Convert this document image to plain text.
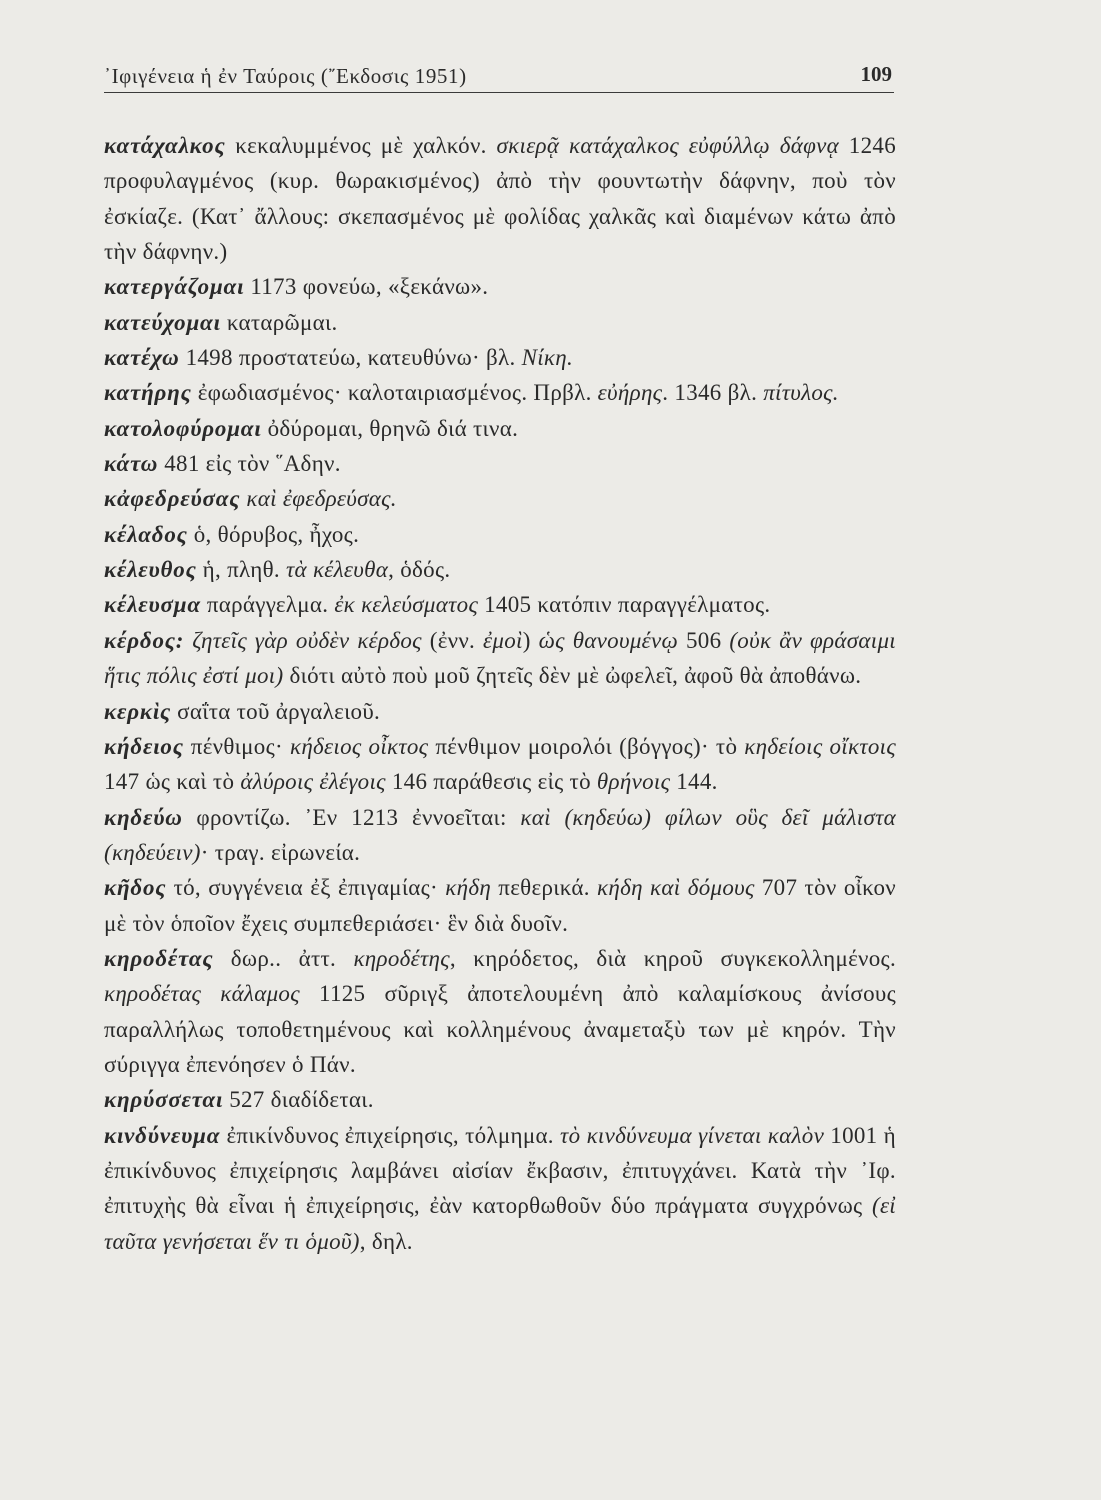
᾿Ιφιγένεια ἡ ἐν Ταύροις (῎Εκδοσις 1951)	109

κατάχαλκος κεκαλυμμένος μὲ χαλκόν. σκιερᾷ κατάχαλκος εὐφύλλῳ δάφνᾳ 1246 προφυλαγμένος (κυρ. θωρακισμένος) ἀπὸ τὴν φουντωτὴν δάφνην, ποὺ τὸν ἐσκίαζε. (Κατ᾽ ἄλλους: σκεπασμένος μὲ φολίδας χαλκᾶς καὶ διαμένων κάτω ἀπὸ τὴν δάφνην.)

κατεργάζομαι 1173 φονεύω, «ξεκάνω».

κατεύχομαι καταρῶμαι.

κατέχω 1498 προστατεύω, κατευθύνω· βλ. Νίκη.

κατήρης ἐφωδιασμένος· καλοταιριασμένος. Πρβλ. εὐήρης. 1346 βλ. πίτυλος.

κατολοφύρομαι ὀδύρομαι, θρηνῶ διά τινα.

κάτω 481 εἰς τὸν ῞Αδην.

κἀφεδρεύσας καὶ ἐφεδρεύσας.

κέλαδος ὁ, θόρυβος, ἦχος.

κέλευθος ἡ, πληθ. τὰ κέλευθα, ὁδός.

κέλευσμα παράγγελμα. ἐκ κελεύσματος 1405 κατόπιν παραγγέλματος.

κέρδος: ζητεῖς γὰρ οὐδὲν κέρδος (ἐνν. ἐμοὶ) ὡς θανουμένῳ 506 (οὐκ ἂν φράσαιμι ἥτις πόλις ἐστί μοι) διότι αὐτὸ ποὺ μοῦ ζητεῖς δὲν μὲ ὠφελεῖ, ἀφοῦ θὰ ἀποθάνω.

κερκὶς σαΐτα τοῦ ἀργαλειοῦ.

κήδειος πένθιμος· κήδειος οἶκτος πένθιμον μοιρολόι (βόγγος)· τὸ κηδείοις οἴκτοις 147 ὡς καὶ τὸ ἀλύροις ἐλέγοις 146 παράθεσις εἰς τὸ θρήνοις 144.

κηδεύω φροντίζω. ᾿Εν 1213 ἐννοεῖται: καὶ (κηδεύω) φίλων οὓς δεῖ μάλιστα (κηδεύειν)· τραγ. εἰρωνεία.

κῆδος τό, συγγένεια ἐξ ἐπιγαμίας· κήδη πεθερικά. κήδη καὶ δόμους 707 τὸν οἶκον μὲ τὸν ὁποῖον ἔχεις συμπεθεριάσει· ἓν διὰ δυοῖν.

κηροδέτας δωρ.. ἀττ. κηροδέτης, κηρόδετος, διὰ κηροῦ συγκεκολλημένος. κηροδέτας κάλαμος 1125 σῦριγξ ἀποτελουμένη ἀπὸ καλαμίσκους ἀνίσους παραλλήλως τοποθετημένους καὶ κολλημένους ἀναμεταξὺ των μὲ κηρόν. Τὴν σύριγγα ἐπενόησεν ὁ Πάν.

κηρύσσεται 527 διαδίδεται.

κινδύνευμα ἐπικίνδυνος ἐπιχείρησις, τόλμημα. τὸ κινδύνευμα γίνεται καλὸν 1001 ἡ ἐπικίνδυνος ἐπιχείρησις λαμβάνει αἰσίαν ἔκβασιν, ἐπιτυγχάνει. Κατὰ τὴν ᾿Ιφ. ἐπιτυχὴς θὰ εἶναι ἡ ἐπιχείρησις, ἐὰν κατορθωθοῦν δύο πράγματα συγχρόνως (εἰ ταῦτα γενήσεται ἕν τι ὁμοῦ), δηλ.
